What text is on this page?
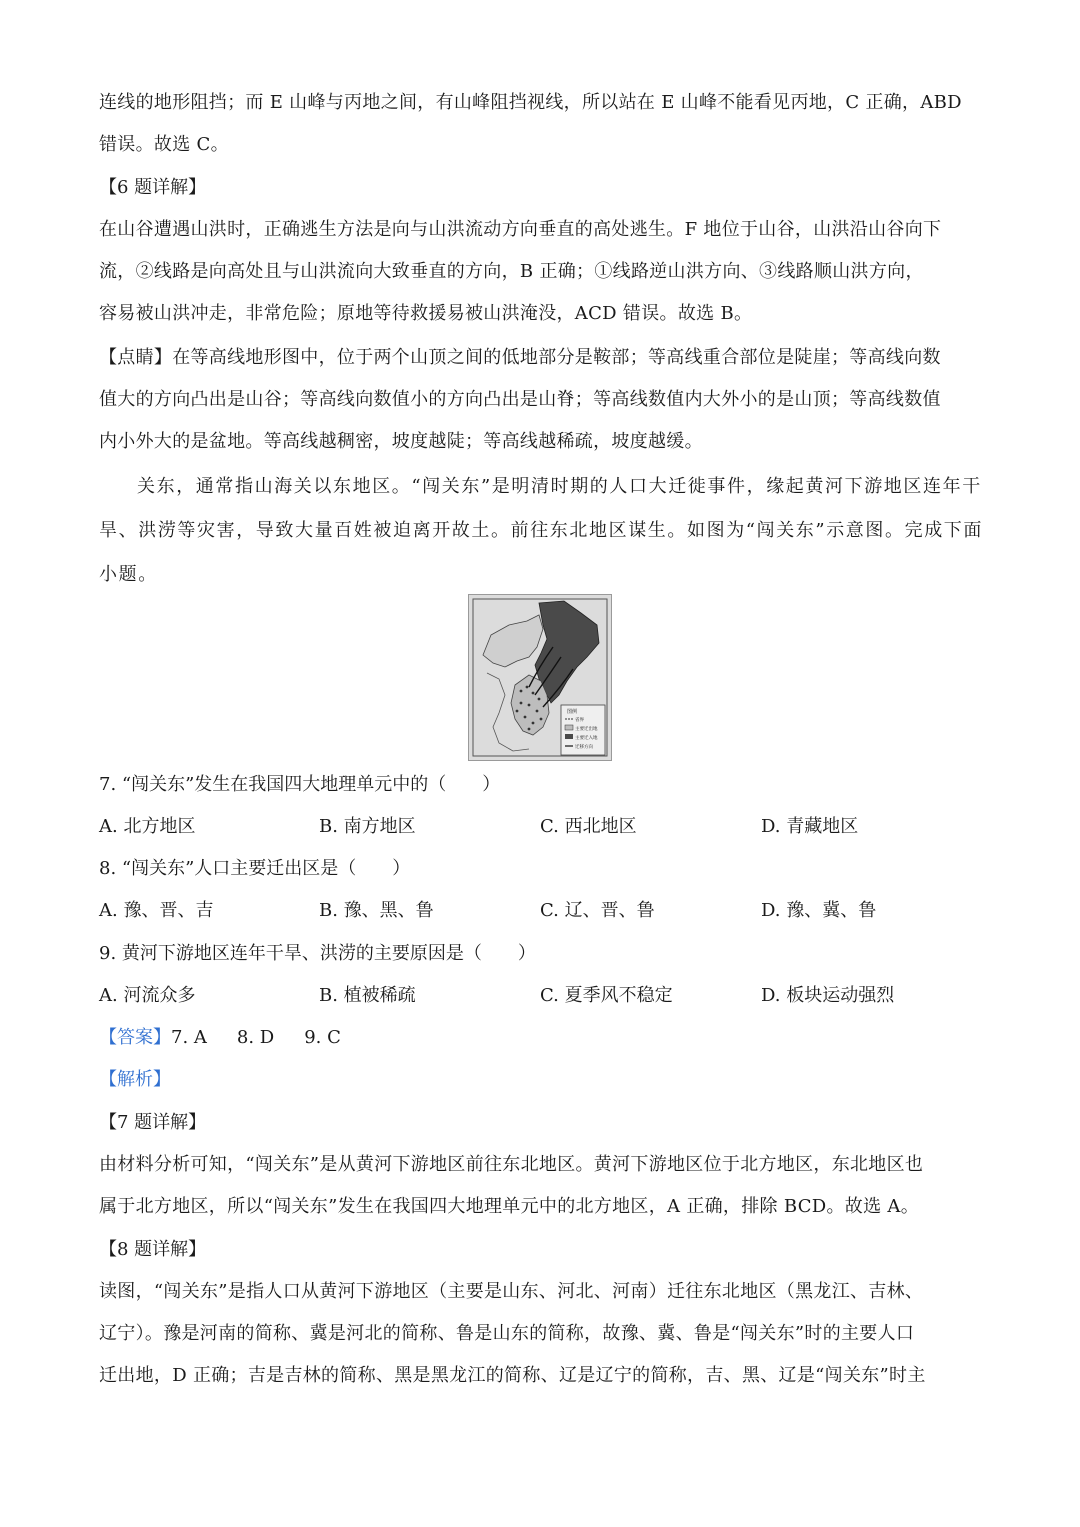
连线的地形阻挡；而 E 山峰与丙地之间，有山峰阻挡视线，所以站在 E 山峰不能看见丙地，C 正确，ABD
错误。故选 C。

【6 题详解】

在山谷遭遇山洪时，正确逃生方法是向与山洪流动方向垂直的高处逃生。F 地位于山谷，山洪沿山谷向下
流，②线路是向高处且与山洪流向大致垂直的方向，B 正确；①线路逆山洪方向、③线路顺山洪方向，
容易被山洪冲走，非常危险；原地等待救援易被山洪淹没，ACD 错误。故选 B。
【点睛】在等高线地形图中，位于两个山顶之间的低地部分是鞍部；等高线重合部位是陡崖；等高线向数
值大的方向凸出是山谷；等高线向数值小的方向凸出是山脊；等高线数值内大外小的是山顶；等高线数值
内小外大的是盆地。等高线越稠密，坡度越陡；等高线越稀疏，坡度越缓。
关东，通常指山海关以东地区。“闯关东”是明清时期的人口大迁徙事件，缘起黄河下游地区连年干
旱、洪涝等灾害，导致大量百姓被迫离开故土。前往东北地区谋生。如图为“闯关东”示意图。完成下面
小题。
图例
省界
主要迁出地
主要迁入地
迁移方向

7. “闯关东”发生在我国四大地理单元中的（　　）

A. 北方地区	B. 南方地区	C. 西北地区	D. 青藏地区

8. “闯关东”人口主要迁出区是（　　）

A. 豫、晋、吉	B. 豫、黑、鲁	C. 辽、晋、鲁	D. 豫、冀、鲁

9. 黄河下游地区连年干旱、洪涝的主要原因是（　　）

A. 河流众多	B. 植被稀疏	C. 夏季风不稳定	D. 板块运动强烈
【答案】7. A 8. D 9. C

【解析】

【7 题详解】

由材料分析可知，“闯关东”是从黄河下游地区前往东北地区。黄河下游地区位于北方地区，东北地区也
属于北方地区，所以“闯关东”发生在我国四大地理单元中的北方地区，A 正确，排除 BCD。故选 A。

【8 题详解】

读图，“闯关东”是指人口从黄河下游地区（主要是山东、河北、河南）迁往东北地区（黑龙江、吉林、
辽宁）。豫是河南的简称、冀是河北的简称、鲁是山东的简称，故豫、冀、鲁是“闯关东”时的主要人口
迁出地，D 正确；吉是吉林的简称、黑是黑龙江的简称、辽是辽宁的简称，吉、黑、辽是“闯关东”时主
